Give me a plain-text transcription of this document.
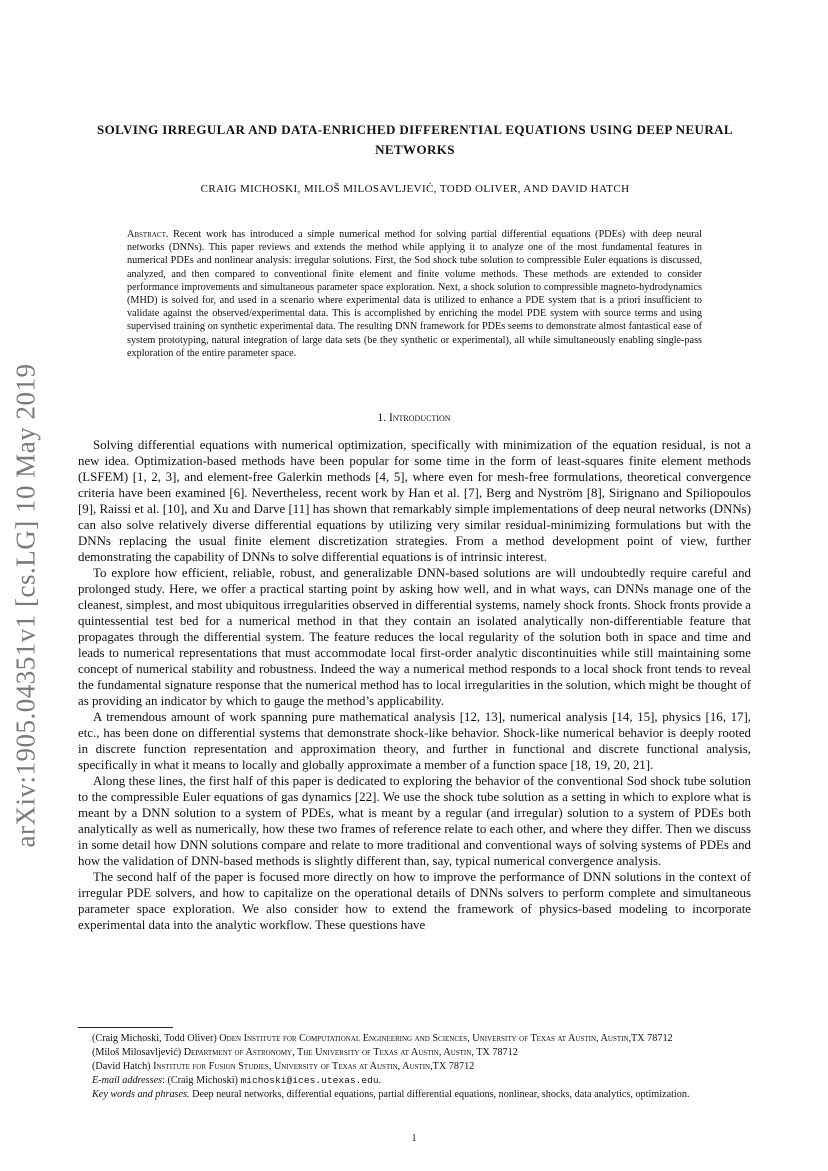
arXiv:1905.04351v1 [cs.LG] 10 May 2019
SOLVING IRREGULAR AND DATA-ENRICHED DIFFERENTIAL EQUATIONS USING DEEP NEURAL NETWORKS
CRAIG MICHOSKI, MILOŠ MILOSAVLJEVIĆ, TODD OLIVER, AND DAVID HATCH
Abstract. Recent work has introduced a simple numerical method for solving partial differential equations (PDEs) with deep neural networks (DNNs). This paper reviews and extends the method while applying it to analyze one of the most fundamental features in numerical PDEs and nonlinear analysis: irregular solutions. First, the Sod shock tube solution to compressible Euler equations is discussed, analyzed, and then compared to conventional finite element and finite volume methods. These methods are extended to consider performance improvements and simultaneous parameter space exploration. Next, a shock solution to compressible magneto-hydrodynamics (MHD) is solved for, and used in a scenario where experimental data is utilized to enhance a PDE system that is a priori insufficient to validate against the observed/experimental data. This is accomplished by enriching the model PDE system with source terms and using supervised training on synthetic experimental data. The resulting DNN framework for PDEs seems to demonstrate almost fantastical ease of system prototyping, natural integration of large data sets (be they synthetic or experimental), all while simultaneously enabling single-pass exploration of the entire parameter space.
1. Introduction

Solving differential equations with numerical optimization, specifically with minimization of the equation residual, is not a new idea. Optimization-based methods have been popular for some time in the form of least-squares finite element methods (LSFEM) [1, 2, 3], and element-free Galerkin methods [4, 5], where even for mesh-free formulations, theoretical convergence criteria have been examined [6]. Nevertheless, recent work by Han et al. [7], Berg and Nyström [8], Sirignano and Spiliopoulos [9], Raissi et al. [10], and Xu and Darve [11] has shown that remarkably simple implementations of deep neural networks (DNNs) can also solve relatively diverse differential equations by utilizing very similar residual-minimizing formulations but with the DNNs replacing the usual finite element discretization strategies. From a method development point of view, further demonstrating the capability of DNNs to solve differential equations is of intrinsic interest.

To explore how efficient, reliable, robust, and generalizable DNN-based solutions are will undoubtedly require careful and prolonged study. Here, we offer a practical starting point by asking how well, and in what ways, can DNNs manage one of the cleanest, simplest, and most ubiquitous irregularities observed in differential systems, namely shock fronts. Shock fronts provide a quintessential test bed for a numerical method in that they contain an isolated analytically non-differentiable feature that propagates through the differential system. The feature reduces the local regularity of the solution both in space and time and leads to numerical representations that must accommodate local first-order analytic discontinuities while still maintaining some concept of numerical stability and robustness. Indeed the way a numerical method responds to a local shock front tends to reveal the fundamental signature response that the numerical method has to local irregularities in the solution, which might be thought of as providing an indicator by which to gauge the method’s applicability.

A tremendous amount of work spanning pure mathematical analysis [12, 13], numerical analysis [14, 15], physics [16, 17], etc., has been done on differential systems that demonstrate shock-like behavior. Shock-like numerical behavior is deeply rooted in discrete function representation and approximation theory, and further in functional and discrete functional analysis, specifically in what it means to locally and globally approximate a member of a function space [18, 19, 20, 21].

Along these lines, the first half of this paper is dedicated to exploring the behavior of the conventional Sod shock tube solution to the compressible Euler equations of gas dynamics [22]. We use the shock tube solution as a setting in which to explore what is meant by a DNN solution to a system of PDEs, what is meant by a regular (and irregular) solution to a system of PDEs both analytically as well as numerically, how these two frames of reference relate to each other, and where they differ. Then we discuss in some detail how DNN solutions compare and relate to more traditional and conventional ways of solving systems of PDEs and how the validation of DNN-based methods is slightly different than, say, typical numerical convergence analysis.

The second half of the paper is focused more directly on how to improve the performance of DNN solutions in the context of irregular PDE solvers, and how to capitalize on the operational details of DNNs solvers to perform complete and simultaneous parameter space exploration. We also consider how to extend the framework of physics-based modeling to incorporate experimental data into the analytic workflow. These questions have

(Craig Michoski, Todd Oliver) Oden Institute for Computational Engineering and Sciences, University of Texas at Austin, Austin,TX 78712

(Miloš Milosavljević) Department of Astronomy, The University of Texas at Austin, Austin, TX 78712

(David Hatch) Institute for Fusion Studies, University of Texas at Austin, Austin,TX 78712

E-mail addresses: (Craig Michoski) michoski@ices.utexas.edu.

Key words and phrases. Deep neural networks, differential equations, partial differential equations, nonlinear, shocks, data analytics, optimization.

1
